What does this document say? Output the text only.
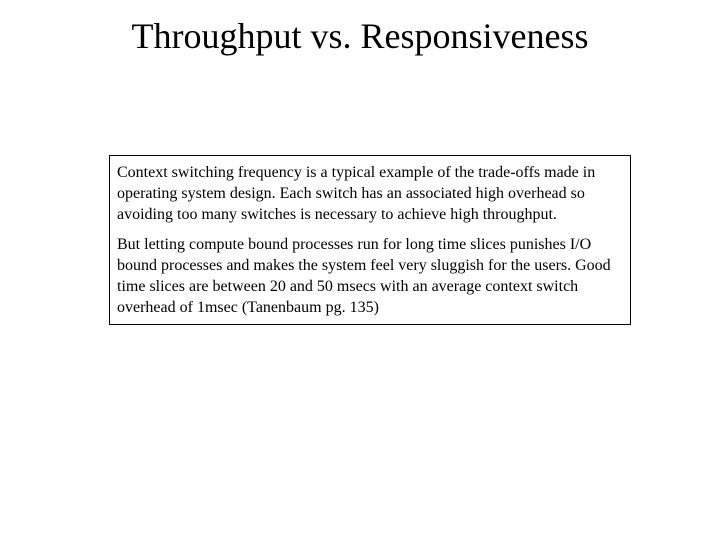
Throughput vs. Responsiveness

Context switching frequency is a typical example of the trade-offs made in operating system design. Each switch has an associated high overhead so avoiding too many switches is necessary to achieve high throughput.

But letting compute bound processes run for long time slices punishes I/O bound processes and makes the system feel very sluggish for the users. Good time slices are between 20 and 50 msecs with an average context switch overhead of 1msec (Tanenbaum pg. 135)
